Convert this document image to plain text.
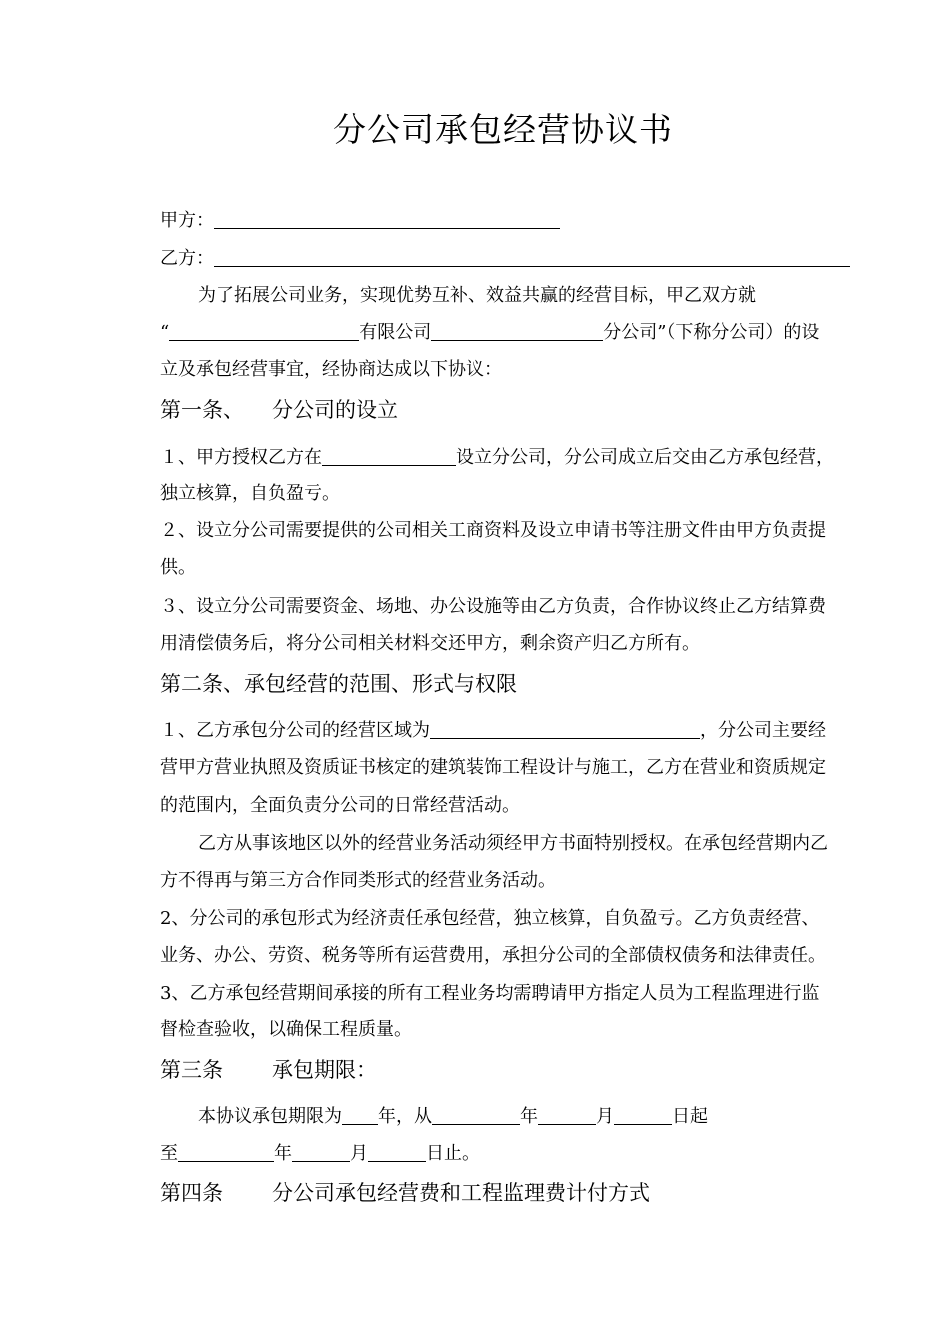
分公司承包经营协议书
甲方：
乙方：
为了拓展公司业务，实现优势互补、效益共赢的经营目标，甲乙双方就
“	有限公司	分公司”（下称分公司）的设
立及承包经营事宜，经协商达成以下协议：
第一条、 分公司的设立
１、甲方授权乙方在	设立分公司，分公司成立后交由乙方承包经营，
独立核算，自负盈亏。
２、设立分公司需要提供的公司相关工商资料及设立申请书等注册文件由甲方负责提
供。
３、设立分公司需要资金、场地、办公设施等由乙方负责，合作协议终止乙方结算费
用清偿债务后，将分公司相关材料交还甲方，剩余资产归乙方所有。
第二条、承包经营的范围、形式与权限
１、乙方承包分公司的经营区域为	，分公司主要经
营甲方营业执照及资质证书核定的建筑装饰工程设计与施工，乙方在营业和资质规定
的范围内，全面负责分公司的日常经营活动。
乙方从事该地区以外的经营业务活动须经甲方书面特别授权。在承包经营期内乙
方不得再与第三方合作同类形式的经营业务活动。
2、分公司的承包形式为经济责任承包经营，独立核算，自负盈亏。乙方负责经营、
业务、办公、劳资、税务等所有运营费用，承担分公司的全部债权债务和法律责任。
3、乙方承包经营期间承接的所有工程业务均需聘请甲方指定人员为工程监理进行监
督检查验收，以确保工程质量。
第三条 承包期限：
本协议承包期限为 年，从	年	月	日起
至	年	月	日止。
第四条 分公司承包经营费和工程监理费计付方式
